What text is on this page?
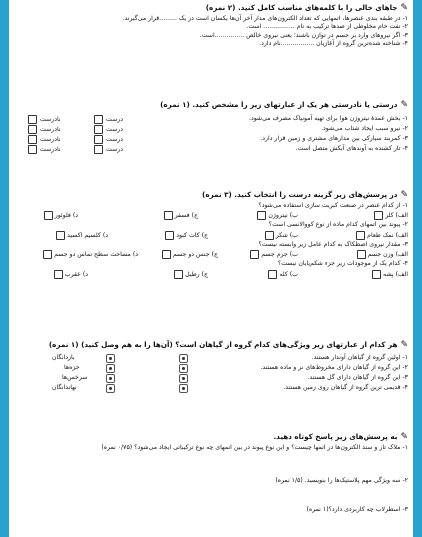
✎جاهای خالی را با کلمه‌های مناسب کامل کنید. (۲ نمره)
۱- در طبقه بندی عنصرها، اتمهایی که تعداد الکترون‌های مدار آخر آن‌ها یکسان است در یک .........قرار می‌گیرند.
۲- نفت خام مخلوطی از صدها ترکیب به نام ................ است.
۳- اگر نیروهای وارد بر جسم در توازن باشند؛ یعنی نیروی خالص ...............است.
۴- شناخته شده‌ترین گروه از آغازیان .................نام دارد.
✎درستی یا نادرستی هر یک از عبارتهای زیر را مشخص کنید. (۱ نمره)
۱- بخش عمدهٔ نیتروژن هوا برای تهیه آمونیاک مصرف می‌شود.
درست
نادرست
۲- نیرو سبب ایجاد شتاب می‌شود.
درست
نادرست
۳- کمربند سیارکی بین مدارهای مشتری و زمین قرار دارد.
درست
نادرست
۴- تار کشنده به آوندهای آبکش متصل است.
درست
نادرست
✎در پرسش‌های زیر گزینه درست را انتخاب کنید. (۳ نمره)
۱- از کدام عنصر در صنعت کبریت سازی استفاده می‌شود؟
الف) کلر
ب) نیتروژن
ج) فسفر
د) فلوئور
۲- پیوند بین اتمهای کدام ماده از نوع کووالانسی است؟
الف) نمک طعام
ب) شکر
ج) کات کبود
د) کلسیم اکسید
۳- مقدار نیروی اصطکاک به کدام عامل زیر وابسته نیست؟
الف) وزن جسم
ب) جرم جسم
ج) جنس دو جسم
د) مساحت سطح تماس دو جسم
۴- کدام یک از موجودات زیر جزء شکم‌پایان نیست؟
الف) پشه
ب) کله
ج) رطیل
د) عقرب
✎هر کدام از عبارتهای زیر ویژگی‌های کدام گروه از گیاهان است؟ (آن‌ها را به هم وصل کنید) (۱ نمره)
۱- اولین گروه از گیاهان آوندار هستند.
بازدانگان
۲- این گروه از گیاهان دارای مخروط‌های نر و ماده هستند.
خزه‌ها
۳- این گروه از گیاهان دارای گل هستند.
سرخس‌ها
۴- قدیمی ترین گروه از گیاهان روی زمین هستند.
نهاندانگان
✎به پرسش‌های زیر پاسخ کوتاه دهید.
۱- ملاک تار و ستد الکترون‌ها در اتمها چیست؟ و این نوع پیوند در بین اتمهای چه نوع ترکیباتی ایجاد می‌شود؟ (۰/۷۵ نمره)
۲- سه ویژگی مهم پلاستیک‌ها را بنویسید. (۱/۵ نمره)
۳- اسطرلاب چه کاربردی دارد؟(۱ نمره)
